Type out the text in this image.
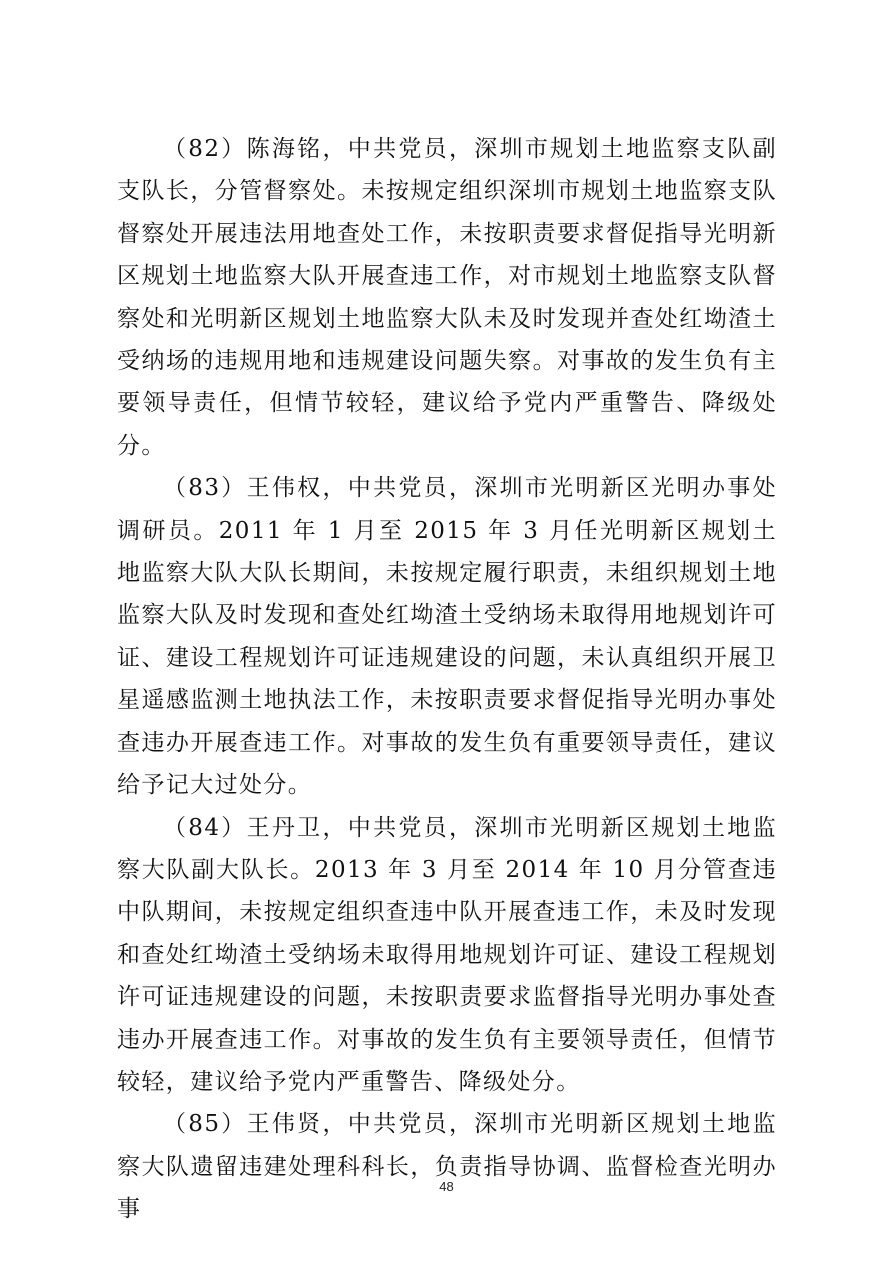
（82）陈海铭，中共党员，深圳市规划土地监察支队副支队长，分管督察处。未按规定组织深圳市规划土地监察支队督察处开展违法用地查处工作，未按职责要求督促指导光明新区规划土地监察大队开展查违工作，对市规划土地监察支队督察处和光明新区规划土地监察大队未及时发现并查处红坳渣土受纳场的违规用地和违规建设问题失察。对事故的发生负有主要领导责任，但情节较轻，建议给予党内严重警告、降级处分。

（83）王伟权，中共党员，深圳市光明新区光明办事处调研员。2011 年 1 月至 2015 年 3 月任光明新区规划土地监察大队大队长期间，未按规定履行职责，未组织规划土地监察大队及时发现和查处红坳渣土受纳场未取得用地规划许可证、建设工程规划许可证违规建设的问题，未认真组织开展卫星遥感监测土地执法工作，未按职责要求督促指导光明办事处查违办开展查违工作。对事故的发生负有重要领导责任，建议给予记大过处分。

（84）王丹卫，中共党员，深圳市光明新区规划土地监察大队副大队长。2013 年 3 月至 2014 年 10 月分管查违中队期间，未按规定组织查违中队开展查违工作，未及时发现和查处红坳渣土受纳场未取得用地规划许可证、建设工程规划许可证违规建设的问题，未按职责要求监督指导光明办事处查违办开展查违工作。对事故的发生负有主要领导责任，但情节较轻，建议给予党内严重警告、降级处分。

（85）王伟贤，中共党员，深圳市光明新区规划土地监察大队遗留违建处理科科长，负责指导协调、监督检查光明办事

48
